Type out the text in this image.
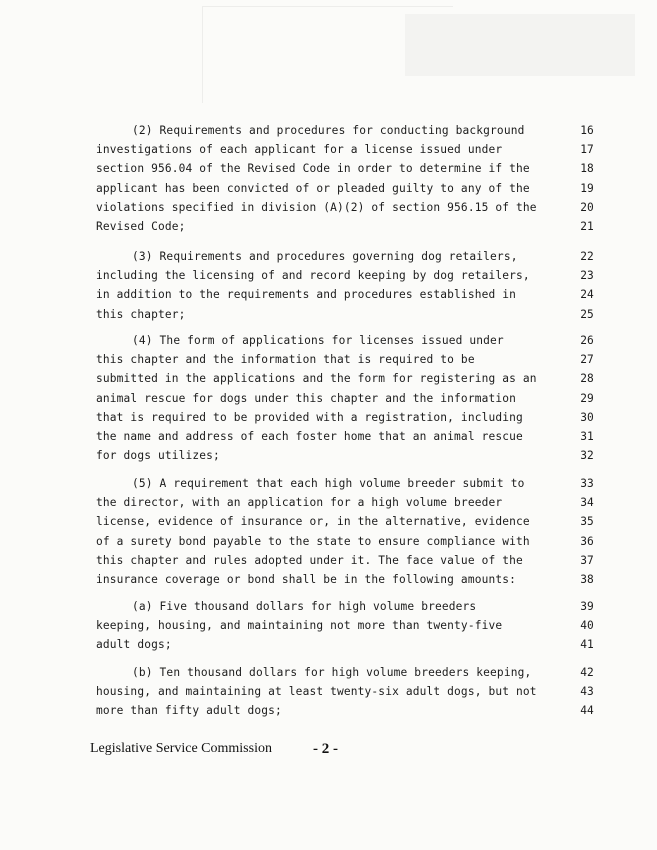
(2) Requirements and procedures for conducting background	16
investigations of each applicant for a license issued under	17
section 956.04 of the Revised Code in order to determine if the	18
applicant has been convicted of or pleaded guilty to any of the	19
violations specified in division (A)(2) of section 956.15 of the	20
Revised Code;	21
(3) Requirements and procedures governing dog retailers,	22
including the licensing of and record keeping by dog retailers,	23
in addition to the requirements and procedures established in	24
this chapter;	25
(4) The form of applications for licenses issued under	26
this chapter and the information that is required to be	27
submitted in the applications and the form for registering as an	28
animal rescue for dogs under this chapter and the information	29
that is required to be provided with a registration, including	30
the name and address of each foster home that an animal rescue	31
for dogs utilizes;	32
(5) A requirement that each high volume breeder submit to	33
the director, with an application for a high volume breeder	34
license, evidence of insurance or, in the alternative, evidence	35
of a surety bond payable to the state to ensure compliance with	36
this chapter and rules adopted under it. The face value of the	37
insurance coverage or bond shall be in the following amounts:	38
(a) Five thousand dollars for high volume breeders	39
keeping, housing, and maintaining not more than twenty-five	40
adult dogs;	41
(b) Ten thousand dollars for high volume breeders keeping,	42
housing, and maintaining at least twenty-six adult dogs, but not	43
more than fifty adult dogs;	44
Legislative Service Commission	- 2 -
